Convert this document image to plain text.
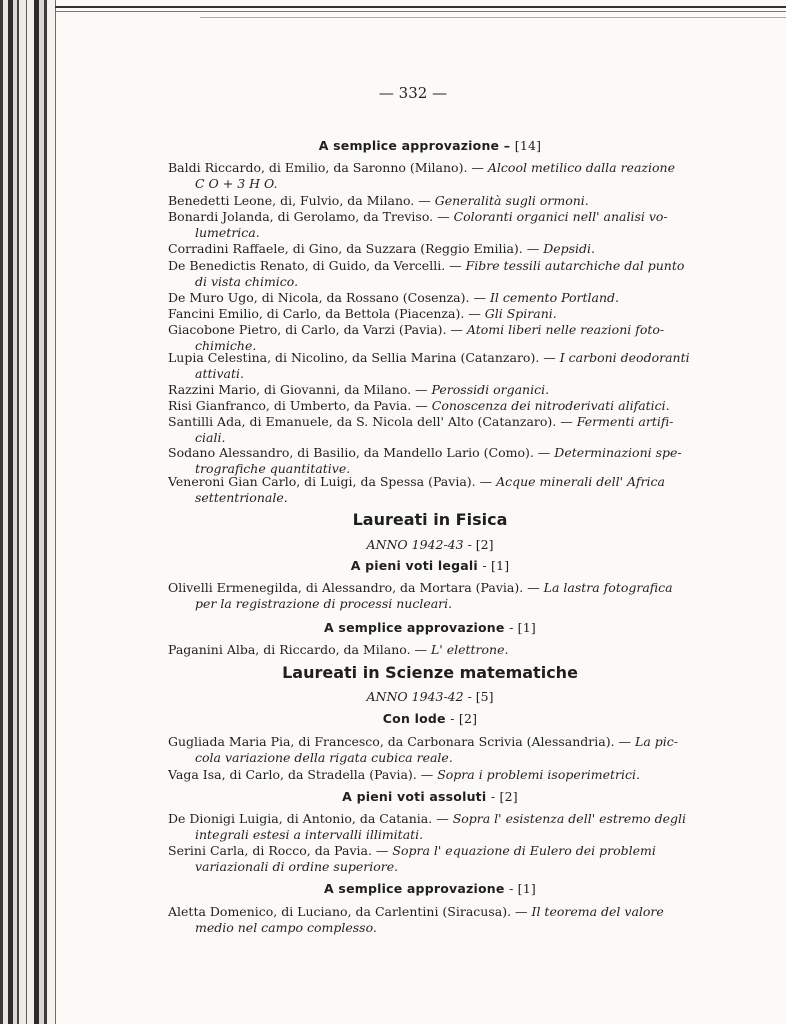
— 332 —
A semplice approvazione – [14]
Baldi Riccardo, di Emilio, da Saronno (Milano). — Alcool metilico dalla reazione
C O + 3 H O.
Benedetti Leone, di, Fulvio, da Milano. — Generalità sugli ormoni.
Bonardi Jolanda, di Gerolamo, da Treviso. — Coloranti organici nell' analisi vo-
lumetrica.
Corradini Raffaele, di Gino, da Suzzara (Reggio Emilia). — Depsidi.
De Benedictis Renato, di Guido, da Vercelli. — Fibre tessili autarchiche dal punto
di vista chimico.
De Muro Ugo, di Nicola, da Rossano (Cosenza). — Il cemento Portland.
Fancini Emilio, di Carlo, da Bettola (Piacenza). — Gli Spirani.
Giacobone Pietro, di Carlo, da Varzi (Pavia). — Atomi liberi nelle reazioni foto-
chimiche.
Lupia Celestina, di Nicolino, da Sellia Marina (Catanzaro). — I carboni deodoranti
attivati.
Razzini Mario, di Giovanni, da Milano. — Perossidi organici.
Risi Gianfranco, di Umberto, da Pavia. — Conoscenza dei nitroderivati alifatici.
Santilli Ada, di Emanuele, da S. Nicola dell' Alto (Catanzaro). — Fermenti artifi-
ciali.
Sodano Alessandro, di Basilio, da Mandello Lario (Como). — Determinazioni spe-
trografiche quantitative.
Veneroni Gian Carlo, di Luigi, da Spessa (Pavia). — Acque minerali dell' Africa
settentrionale.
Laureati in Fisica
ANNO 1942-43 - [2]
A pieni voti legali - [1]
Olivelli Ermenegilda, di Alessandro, da Mortara (Pavia). — La lastra fotografica
per la registrazione di processi nucleari.
A semplice approvazione - [1]
Paganini Alba, di Riccardo, da Milano. — L' elettrone.
Laureati in Scienze matematiche
ANNO 1943-42 - [5]
Con lode - [2]
Gugliada Maria Pia, di Francesco, da Carbonara Scrivia (Alessandria). — La pic-
cola variazione della rigata cubica reale.
Vaga Isa, di Carlo, da Stradella (Pavia). — Sopra i problemi isoperimetrici.
A pieni voti assoluti - [2]
De Dionigi Luigia, di Antonio, da Catania. — Sopra l' esistenza dell' estremo degli
integrali estesi a intervalli illimitati.
Serini Carla, di Rocco, da Pavia. — Sopra l' equazione di Eulero dei problemi
variazionali di ordine superiore.
A semplice approvazione - [1]
Aletta Domenico, di Luciano, da Carlentini (Siracusa). — Il teorema del valore
medio nel campo complesso.
